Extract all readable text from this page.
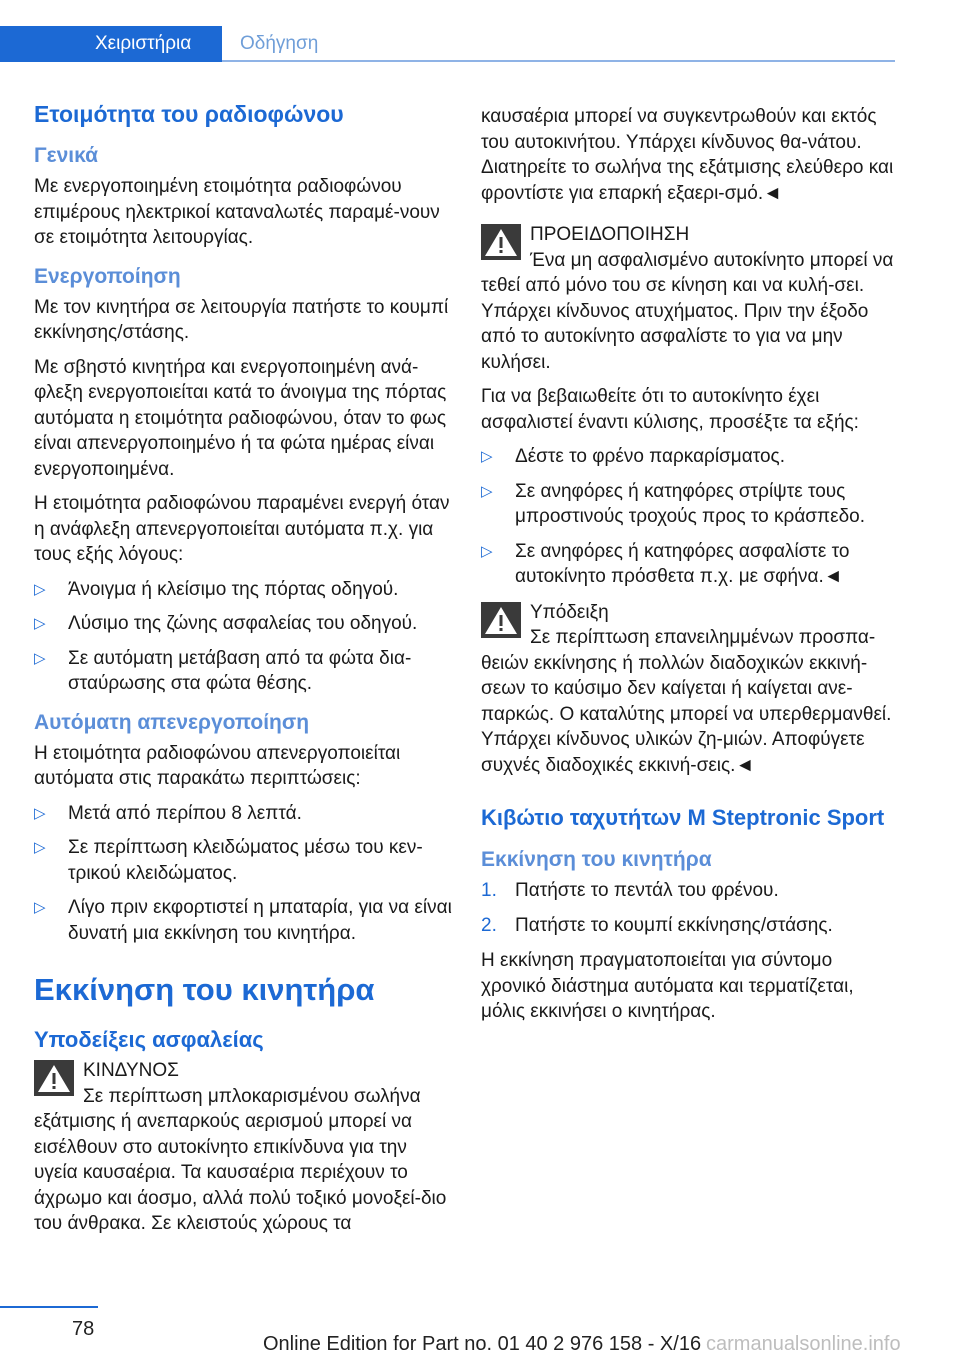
Χειριστήρια	Οδήγηση
Ετοιμότητα του ραδιοφώνου
Γενικά

Με ενεργοποιημένη ετοιμότητα ραδιοφώνου επιμέρους ηλεκτρικοί καταναλωτές παραμέ-νουν σε ετοιμότητα λειτουργίας.

Ενεργοποίηση

Με τον κινητήρα σε λειτουργία πατήστε το κουμπί εκκίνησης/στάσης.

Με σβηστό κινητήρα και ενεργοποιημένη ανά-φλεξη ενεργοποιείται κατά το άνοιγμα της πόρτας αυτόματα η ετοιμότητα ραδιοφώνου, όταν το φως είναι απενεργοποιημένο ή τα φώτα ημέρας είναι ενεργοποιημένα.

Η ετοιμότητα ραδιοφώνου παραμένει ενεργή όταν η ανάφλεξη απενεργοποιείται αυτόματα π.χ. για τους εξής λόγους:

▷ Άνοιγμα ή κλείσιμο της πόρτας οδηγού.
▷ Λύσιμο της ζώνης ασφαλείας του οδηγού.
▷ Σε αυτόματη μετάβαση από τα φώτα δια-σταύρωσης στα φώτα θέσης.
Αυτόματη απενεργοποίηση

Η ετοιμότητα ραδιοφώνου απενεργοποιείται αυτόματα στις παρακάτω περιπτώσεις:

▷ Μετά από περίπου 8 λεπτά.
▷ Σε περίπτωση κλειδώματος μέσω του κεν-τρικού κλειδώματος.
▷ Λίγο πριν εκφορτιστεί η μπαταρία, για να είναι δυνατή μια εκκίνηση του κινητήρα.
Εκκίνηση του κινητήρα
Υποδείξεις ασφαλείας
ΚΙΝΔΥΝΟΣ
Σε περίπτωση μπλοκαρισμένου σωλήνα εξάτμισης ή ανεπαρκούς αερισμού μπορεί να εισέλθουν στο αυτοκίνητο επικίνδυνα για την υγεία καυσαέρια. Τα καυσαέρια περιέχουν το άχρωμο και άοσμο, αλλά πολύ τοξικό μονοξεί-διο του άνθρακα. Σε κλειστούς χώρους τα

καυσαέρια μπορεί να συγκεντρωθούν και εκτός του αυτοκινήτου. Υπάρχει κίνδυνος θα-νάτου. Διατηρείτε το σωλήνα της εξάτμισης ελεύθερο και φροντίστε για επαρκή εξαερι-σμό.◄

ΠΡΟΕΙΔΟΠΟΙΗΣΗ
Ένα μη ασφαλισμένο αυτοκίνητο μπορεί να τεθεί από μόνο του σε κίνηση και να κυλή-σει. Υπάρχει κίνδυνος ατυχήματος. Πριν την έξοδο από το αυτοκίνητο ασφαλίστε το για να μην κυλήσει.

Για να βεβαιωθείτε ότι το αυτοκίνητο έχει ασφαλιστεί έναντι κύλισης, προσέξτε τα εξής:

▷ Δέστε το φρένο παρκαρίσματος.
▷ Σε ανηφόρες ή κατηφόρες στρίψτε τους μπροστινούς τροχούς προς το κράσπεδο.
▷ Σε ανηφόρες ή κατηφόρες ασφαλίστε το αυτοκίνητο πρόσθετα π.χ. με σφήνα.◄
Υπόδειξη
Σε περίπτωση επανειλημμένων προσπα-θειών εκκίνησης ή πολλών διαδοχικών εκκινή-σεων το καύσιμο δεν καίγεται ή καίγεται ανε-παρκώς. Ο καταλύτης μπορεί να υπερθερμανθεί. Υπάρχει κίνδυνος υλικών ζη-μιών. Αποφύγετε συχνές διαδοχικές εκκινή-σεις.◄
Κιβώτιο ταχυτήτων M Steptronic Sport
Εκκίνηση του κινητήρα
1. Πατήστε το πεντάλ του φρένου.
2. Πατήστε το κουμπί εκκίνησης/στάσης.

Η εκκίνηση πραγματοποιείται για σύντομο χρονικό διάστημα αυτόματα και τερματίζεται, μόλις εκκινήσει ο κινητήρας.

78
Online Edition for Part no. 01 40 2 976 158 - X/16 carmanualsonline.info
